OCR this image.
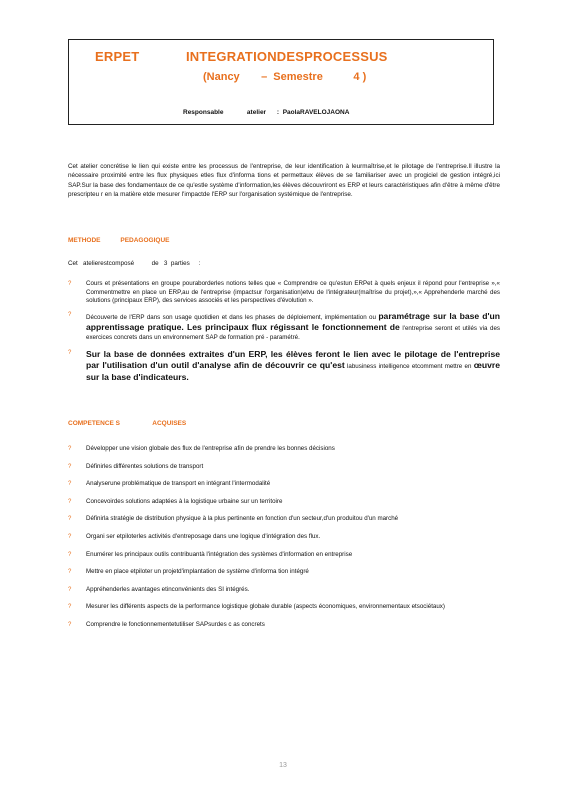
ERPET	INTEGRATIONDESPROCESSUS
(Nancy       –  Semestre          4 )
Responsable             atelier      :  PaolaRAVELOJAONA
Cet atelier concrétise le lien qui existe entre les processus de l'entreprise, de leur identification à leurmaîtrise,et le pilotage de l'entreprise.Il illustre la nécessaire proximité entre les flux physiques etles flux d'informa tions et permettaux élèves de se familiariser avec un progiciel de gestion intégré,ici SAP.Sur la base des fondamentaux de ce qu'estle système d'information,les élèves découvriront es ERP et leurs caractéristiques afin d'être à même d'être prescripteu r en la matière etde mesurer l'impactde l'ERP sur l'organisation systémique de l'entreprise.
METHODE           PEDAGOGIQUE
Cet   atelierestcomposé          de   3  parties     :
? Cours et présentations en groupe pouraborderles notions telles que « Comprendre ce qu'estun ERPet à quels enjeux il répond pour l'entreprise »,« Commentmettre en place un ERP,au de l'entreprise (impactsur l'organisation)etvu de l'intégrateur(maîtrise du projet),»,« Apprehenderle marché des solutions (principaux ERP), des services associés et les perspectives d'évolution ».
? Découverte de l'ERP dans son usage quotidien et dans les phases de déploiement, implémentation ou paramétrage sur la base d'un apprentissage pratique. Les principaux flux régissant le fonctionnement de l'entreprise seront et utilés via des exercices concrets dans un environnement SAP de formation pré - paramétré.
? Sur la base de données extraites d'un ERP, les élèves feront le lien avec le pilotage de l'entreprise par l'utilisation d'un outil d'analyse afin de découvrir ce qu'est labusiness intelligence etcomment mettre en œuvre sur la base d'indicateurs.
COMPETENCE S                  ACQUISES
? Développer une vision globale des flux de l'entreprise afin de prendre les bonnes décisions
? Définirles différentes solutions de transport
? Analyserune problématique de transport en intégrant l'intermodalité
? Concevoirdes solutions adaptées à la logistique urbaine sur un territoire
? Définirla stratégie de distribution physique à la plus pertinente en fonction d'un secteur,d'un produitou d'un marché
? Organi ser etpiloterles activités d'entreposage dans une logique d'intégration des flux.
? Enumérer les principaux outils contribuantà l'intégration des systèmes d'information en entreprise
? Mettre en place etpiloter un projetd'implantation de système d'informa tion intégré
? Appréhenderles avantages etinconvénients des SI intégrés.
? Mesurer les différents aspects de la performance logistique globale durable (aspects économiques, environnementaux etsociétaux)
? Comprendre le fonctionnementetutiliser SAPsurdes c as concrets
13
